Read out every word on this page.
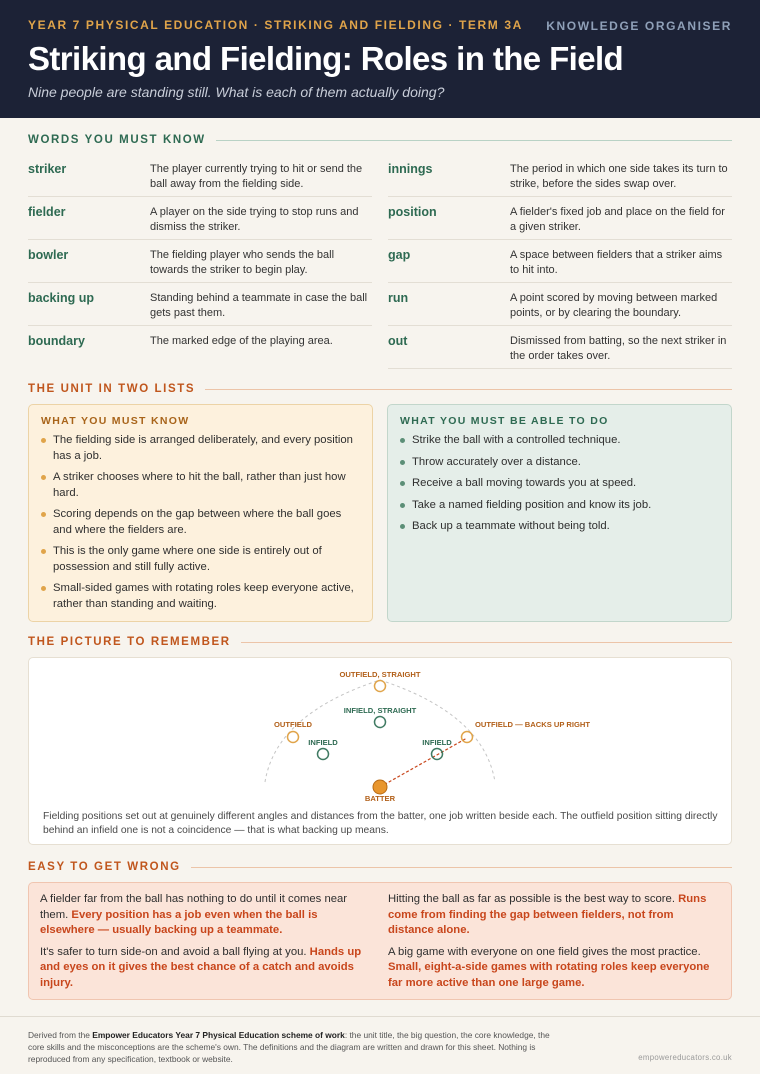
YEAR 7 PHYSICAL EDUCATION · STRIKING AND FIELDING · TERM 3A	KNOWLEDGE ORGANISER
Striking and Fielding: Roles in the Field
Nine people are standing still. What is each of them actually doing?
WORDS YOU MUST KNOW
striker	The player currently trying to hit or send the ball away from the fielding side.
fielder	A player on the side trying to stop runs and dismiss the striker.
bowler	The fielding player who sends the ball towards the striker to begin play.
backing up	Standing behind a teammate in case the ball gets past them.
boundary	The marked edge of the playing area.
innings	The period in which one side takes its turn to strike, before the sides swap over.
position	A fielder's fixed job and place on the field for a given striker.
gap	A space between fielders that a striker aims to hit into.
run	A point scored by moving between marked points, or by clearing the boundary.
out	Dismissed from batting, so the next striker in the order takes over.
THE UNIT IN TWO LISTS
WHAT YOU MUST KNOW
The fielding side is arranged deliberately, and every position has a job.
A striker chooses where to hit the ball, rather than just how hard.
Scoring depends on the gap between where the ball goes and where the fielders are.
This is the only game where one side is entirely out of possession and still fully active.
Small-sided games with rotating roles keep everyone active, rather than standing and waiting.
WHAT YOU MUST BE ABLE TO DO
Strike the ball with a controlled technique.
Throw accurately over a distance.
Receive a ball moving towards you at speed.
Take a named fielding position and know its job.
Back up a teammate without being told.
THE PICTURE TO REMEMBER
OUTFIELD, STRAIGHT
INFIELD, STRAIGHT
OUTFIELD
INFIELD	INFIELD
OUTFIELD — BACKS UP RIGHT
BATTER
Fielding positions set out at genuinely different angles and distances from the batter, one job written beside each. The outfield position sitting directly behind an infield one is not a coincidence — that is what backing up means.
EASY TO GET WRONG

A fielder far from the ball has nothing to do until it comes near them. Every position has a job even when the ball is elsewhere — usually backing up a teammate.

It's safer to turn side-on and avoid a ball flying at you. Hands up and eyes on it gives the best chance of a catch and avoids injury.

Hitting the ball as far as possible is the best way to score. Runs come from finding the gap between fielders, not from distance alone.

A big game with everyone on one field gives the most practice. Small, eight-a-side games with rotating roles keep everyone far more active than one large game.

Derived from the Empower Educators Year 7 Physical Education scheme of work: the unit title, the big question, the core knowledge, the core skills and the misconceptions are the scheme's own. The definitions and the diagram are written and drawn for this sheet. Nothing is reproduced from any specification, textbook or website.	empowereducators.co.uk
